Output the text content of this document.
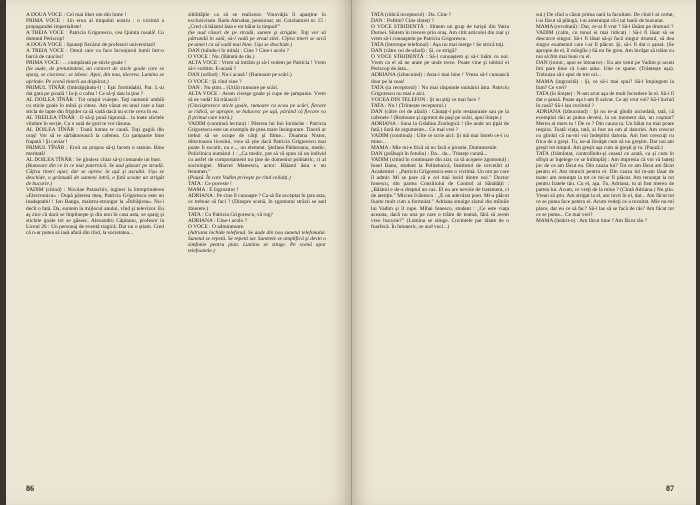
A DOUA VOCE : Cel mai liber om din lume !

PRIMA VOCE : Un erou al timpului nostru : o victimă a propagandei imperialiste!

A TREIA VOCE : Patricia Grigorescu, cea Quinta rosală! Cu domnul Periscop!

A DOUA VOCE : Spuneţi fiecărui de profesori universitari!

A TREIA VOCE : Omul care va face înconjurul lumii într-o barcă de cauciuc!

PRIMA VOCE : ... cumpărată pe sticle goale !

(Se aude, de pretutindeni, un concert de sticle goale care se sparg, se ciocnesc, se izbesc. Apoi, din nou, tăcerea. Lumina se aprinde. Pe scenă tinerii au dispărut.)

PRIMUL TÎNĂR (îmbrăţişîndu-l) : Eşti formidabil, Pat. L-ai dat gata pe şcoală ! Ia-ţi o cafea ! Ce să-ţi dau la ţine ?

AL DOILEA TÎNĂR : Tot oraşul vuieşte. Toţi oamenii umblă cu sticle goale în mînă şi citesc. Am văzut eu unul care a luat sticla de lapte din frigider ca să vadă dacă nu scrie ceva în ea.

AL TREILEA TÎNĂR : O să-ţi pună hipnoză... la toate sticlele vîndute în secţie. Cu o sută de guri te vor răsuna.

AL DOILEA TÎNĂR : Toată lumea te caută. Toţi gagiii din oraş! Vor să te sărbătorească la cafenea. Cu şampanie bine frapată ! Şi caviar !

PRIMUL TÎNĂR : Eroii au propus să-ţi facem o statuie. Bine meritată!

AL DOILEA TÎNĂR : Se gîndesc chiar să-ţi comande un bust.

(Rumoare din ce în ce mai puternică. Se aud glasuri pe stradă. Câţiva tineri apar, dar se opresc la uşă şi ascultă. Ușa se deschide, o grămadă de oameni intră, o fată scoate un strigăt de bucurie.)

VADIM (citind) : Nicolae Paraschiv, inginer la întreprinderea «Electronica» : După părerea mea, Patricia Grigorescu este un inadaptabil ! Ion Banga, maistru-strungar la «Înfrăţirea». Nu-i decît o fată. Da, suntem la mijlocul anului, vînd şi televizor. Eu aş zice că dacă se împlineşte şi din nou în casa asta, se sparg şi sticlele goale tot se găsesc. Alexandru Căpitanu, profesor la Liceul 26 : Un personaj de eventă tragică. Dar nu o ştiam. Cred că n-ar putea să iasă afară din rînd, la societatea...

sibilităţile ca să se realizeze. Vinovăţia îi aparţine în exclusivitate. Radu Abrudan, pensionar, str. Coiobaturei nr. 15 : „Cred că băiatul ăsta e tot băiat la timpul!”

(Se aud râsuri de pe stradă, sunete şi strigăte. Toţi vor să pătrundă în sală, să-l vadă pe eroul zilei. Cîţiva tineri se urcă pe umeri ca să vadă mai bine. Uşa se deschide.)

DAN (luîndu-i în mînă) : Cine ? Cine-i acolo ?

O VOCE : Nu. (Bătută de râs.)

ALTA VOCE : Vrem să intrăm şi să-l vedem pe Patricia ! Vrem să-i vorbim. E-acasă ?

DAN (urlînd) : Nu-i acasă ! (Rumoare pe scări.)

O VOCE : Şi cînd vine ?

DAN : Nu ştim... (Urlă) rumoare pe scări.

ALTA VOCE : Avem ciresşe goale şi cupe de şampanie. Vrem să ne vadă! Să trăiască !

(Cincisprezece sticle goale, rumoare cu ecou pe scări, fiecare se ridică, se apropie, se bulucesc pe uşă, părând că fiecare va fi primul care intră.)

VADIM (continuă lectura) : Părerea lui Ion Iordache : Patricia Grigorescu este un exemplu de prea mare însingurare. Tinerii ar trebui să se ocupe de cărţi şi filme... Doamna Nistor, directoarea liceului, vrea să ştie dacă Patricia Grigorescu mai poate fi socotit, nu e..., un element. Ştefana Pădureanu, medic, Policlinica numărul 1 : „Ca medic, pot să vă spun că un individ cu astfel de comportament nu ţine de domeniul psihiatric, ci al sociologiei. Marcel Mateescu, actor: Băiatul ăsta e un fenomen.”

(Pauză. În care Vadim priveşte pe rînd ceilalţi.)

TATA : Ce poveste !

MAMA : E îngrozitor !

ADRIANA : Pe cine îl cunoaşte ? Ca să fie acceptat în ţara asta, ce trebuie să faci ? (Dinspre scenă, în zgomotul străzii se aud zbierete.)

TATA : Cu Patricia Grigorescu, vă rog?

ADRIANA : Cine-i acolo ?

O VOCE : O admiratoare.

(Adriana închide telefonul. Se aude din nou sunetul telefonului. Sunetul se repetă. Se repetă iar. Sunetele se amplifică şi devin o simfonie pentru pian. Lumina se stinge. Pe scenă apar telefoanele.)

86

TATA (ridică receptorul) : Da. Cine ?

DAN : Poftim? Cine sînteţi ?

O VOCE STRIDENTĂ : Sîntem un grup de turişti din Vatra Dornei. Sîntem în trecere prin oraş. Am citit articolul din ziar şi vrem să-l cunoaştem pe Patriciu Grigorescu.

TATA (întrerupe telefonul) : Aşa nu mai merge ! Se strică toţi.

DAN (către cei de-afară) : Şi, ce strigă?

O VOCE STRIDENTĂ : Să-l cunoaştem şi să-l luăm cu noi. Vrem ca el să ne arate pe unde trece. Poate vine şi iubitul ei Periscop de ăsta...

ADRIANA (izbucnind) : Asta-i mai bine ! Vreau să-l cunoască doar pe la ceas!

TATA (ia receptorul) : Nu mai răspunde numărul ăsta. Patriciu Grigorescu nu mai e aici.

VOCEA DIN TELEFON : Şi nu ştiţi ce mai face ?

TATA : Nu ! (Trîntește receptorul.)

DAN (către cei de afară) : Căutaţi-l prin restaurante sau pe la cafenele ! (Rumoare şi zgomot de paşi pe scări, apoi linişte.)

ADRIANA : Suna la Grădina Zoologică ! (Se aude un ţipăt de fată.) Soră de argumente... Ce mai vrei ?

VADIM (continuă) : Uite ce scrie aici: Şi mă mai întreb ce-i cu mine...

MAMA : Mie mi-e frică să nu facă o prostie, Dumnezeule.

DAN (prăbuşit în fotoliu) : Da... da... Tristeţe curată...

VADIM (citind în continuare din ziar, ca să acopere zgomotul) : Ionel Banu, student la Politehnică, Institutul de cercetări al Academiei : „Patriciu Grigorescu este o victimă. Un om pe care îl admir. Mi se pare că e cel mai lucid dintre noi.” Doctor Ionescu, din partea Consiliului de Control al Sănătăţii : „Băiatul e de-a dreptul un caz. El nu are nevoie de tratament, ci de atenţie.” Mircea Ivănescu : „E un adevărat poet. Mi-a plăcut foarte mult cum a formulat.” Adriana smulge ziarul din mîinile lui Vadim şi îl rupe. Mihai Ionescu, student : „Ce este viaţa aceasta, dacă nu una pe care o trăim de teamă, fără să avem vreo bucurie?” (Lumina se stinge. Cuvintele par tăiate de o foarfecă. În întuneric, se aud voci...)

sul.) De cînd a căzut prima oară la facultate. De cînd l-ai certat, l-ai făcut să plângă, l-ai ameninţat că-i tai banii de buzunar.

MAMA (revoltată) : Dar, ce-ai fi vrut ? Să-l lăsăm pe drumuri ?

VADIM (calm, cu tonul ei mai ridicat) : Să-i fi lăsat să se descurce singur. Să-i fi lăsat să-şi facă singur drumul, să dea singur examenul care i-ar fi plăcut. Şi, să-i fi dat o şansă. (Se apropie de el, îl mîngîie.) Să nu fie greu. Am învăţat să trăim cu noi să fim mai buni cu el.

DAN (ironic, apoi se întoarce) : Eu am venit pe Vadim şi acum îmi pare bine că l-am adus. Uite ce spune. (Trântește uşa). Trebuiau să-i spui de trei ori...

MAMA (ingrozită) : Şi, ce să-i mai spui? Să-l împingem la fum? Ce vrei?

TATA (în linişte) : N-am avut aşa de mult încredere în el. Să-i fi dat o şansă. Poate aşa l-am fi salvat. Ce aţi vrut voi? Să-l închid în casă? Să-i iau cuvîntul ?

ADRIANA (izbucnind) : Şi nu te-ai gîndit niciodată, tată, că exemplul tău ar putea deveni, la un moment dat, un coşmar? Mereu ai mers tu ! De ce ? Din cauza ta. Un băiat nu mai poate respira. Toată viaţa, tată, ai fost un om al datoriei. Am crescut cu gîndul că nu-mi voi îndeplini datoria. Am fost crescuţi cu frica de a greşi. Tu, ne-ai învăţat cum să nu greşim. Dar noi am greşit tot timpul. Am greşit aşa cum ai greşit şi tu. (Pauză.)

TATA (frămîntat, controlîndu-şi ceasul ce arată, ca și cum în sfîrşit ar înţelege ce se întîmplă) : Am impresia că voi vă bateţi joc de ce am făcut eu. Din cauza lui? Tot ce am făcut am făcut pentru el. Am muncit pentru el. Din cauza lui m-am lăsat de toate: am renunţat la tot ce mi-ar fi plăcut. Am renunţat la tot pentru fratele tău. Cu el, aşa. Tu, Adriana, tu ai fost mereu de partea lui. Acum, ce vreţi de la mine ? (Cîntă Adriana.) Nu ştiu. Vreau să ştiu. Am strigat la el, am lovit în el, dar... Am făcut tot ce se putea face pentru el. Acum vedeţi ce a rezultat. Mie nu-mi place, dar eu ce să fac? Să-l las să se facă de râs? Am făcut tot ce se putea... Ce mai vrei?

MAMA (întărit-o) : Am făcut bine ? Am făcut rău ?

87
